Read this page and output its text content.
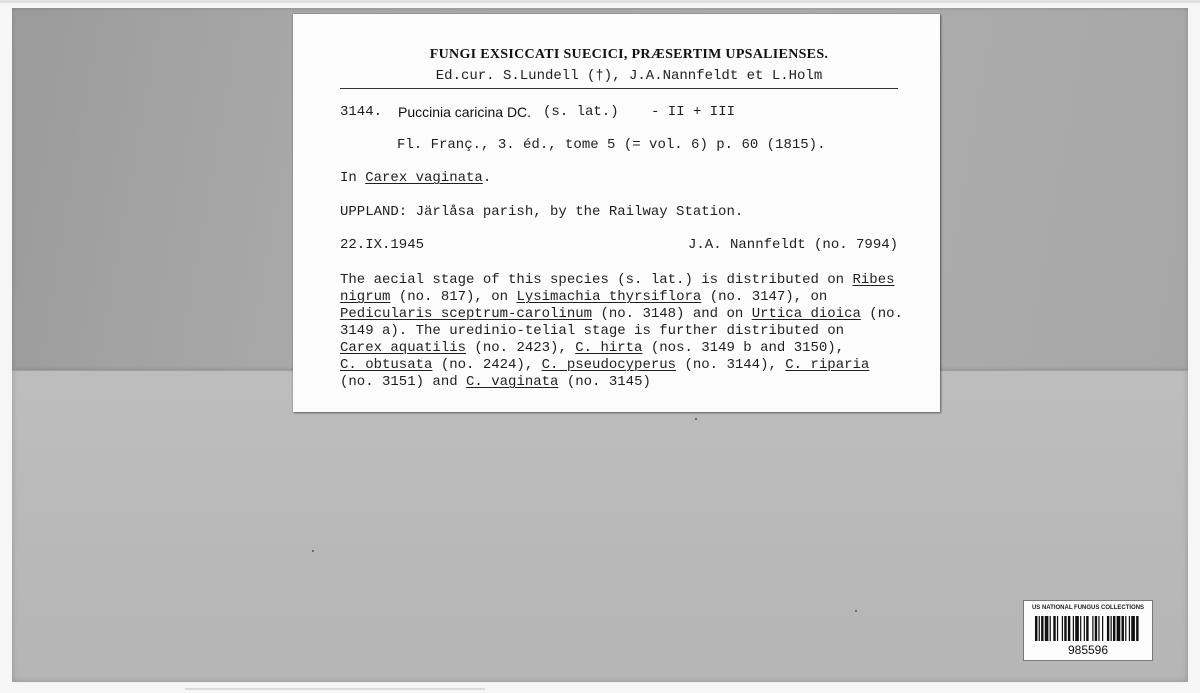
FUNGI EXSICCATI SUECICI, PRÆSERTIM UPSALIENSES.
Ed.cur. S.Lundell (†), J.A.Nannfeldt et L.Holm
3144. Puccinia caricina DC. (s. lat.) - II + III
Fl. Franç., 3. éd., tome 5 (= vol. 6) p. 60 (1815).
In Carex vaginata.
UPPLAND: Järlåsa parish, by the Railway Station.
22.IX.1945	J.A. Nannfeldt (no. 7994)
The aecial stage of this species (s. lat.) is distributed on Ribes
nigrum (no. 817), on Lysimachia thyrsiflora (no. 3147), on
Pedicularis sceptrum-carolinum (no. 3148) and on Urtica dioica (no.
3149 a). The uredinio-telial stage is further distributed on
Carex aquatilis (no. 2423), C. hirta (nos. 3149 b and 3150),
C. obtusata (no. 2424), C. pseudocyperus (no. 3144), C. riparia
(no. 3151) and C. vaginata (no. 3145)
US NATIONAL FUNGUS COLLECTIONS
985596
